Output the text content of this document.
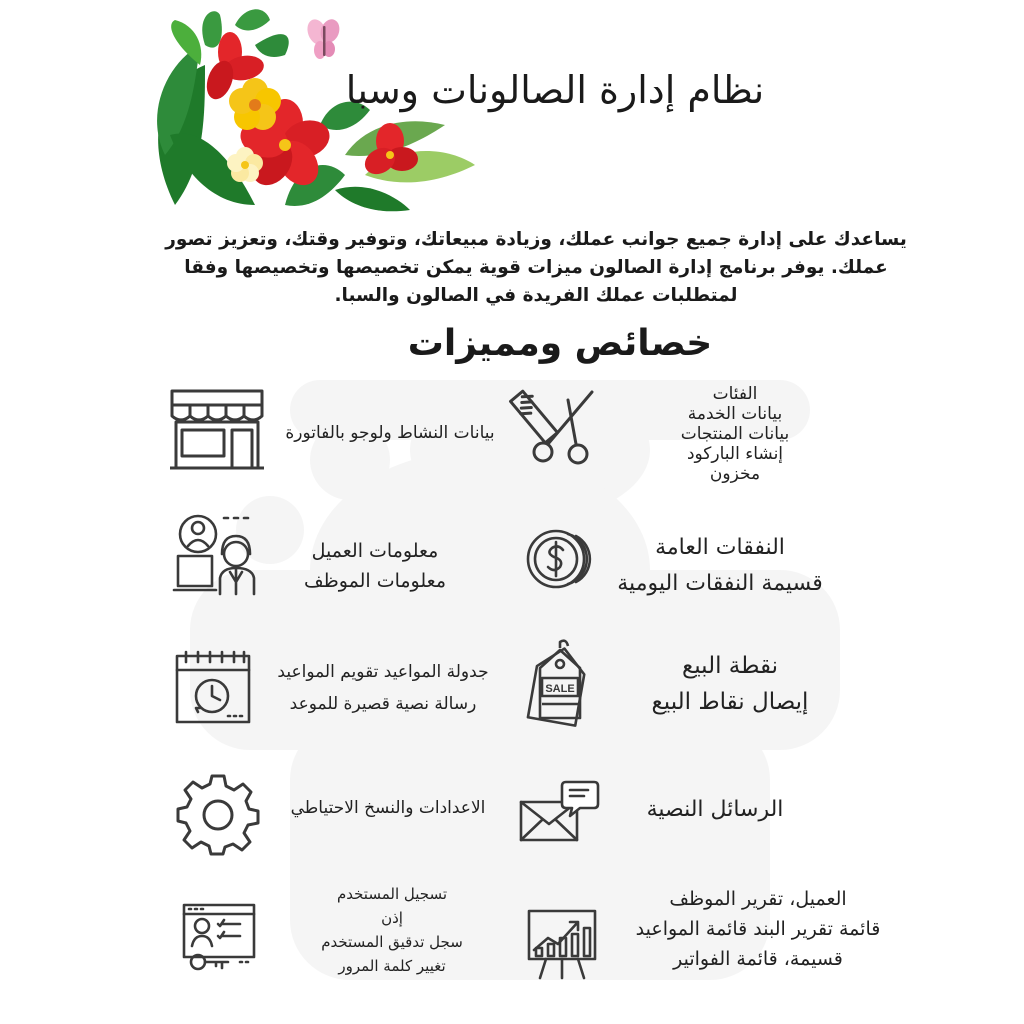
نظام إدارة الصالونات وسبا
يساعدك على إدارة جميع جوانب عملك، وزيادة مبيعاتك، وتوفير وقتك، وتعزيز تصور عملك. يوفر برنامج إدارة الصالون ميزات قوية يمكن تخصيصها وتخصيصها وفقا لمتطلبات عملك الفريدة في الصالون والسبا.
خصائص ومميزات
بيانات النشاط ولوجو بالفاتورة
الفئات
بيانات الخدمة
بيانات المنتجات
إنشاء الباركود
مخزون
معلومات العميل
معلومات الموظف
النفقات العامة
قسيمة النفقات اليومية
جدولة المواعيد تقويم المواعيد
رسالة نصية قصيرة للموعد
SALE
نقطة البيع
إيصال نقاط البيع
الاعدادات والنسخ الاحتياطي	الرسائل النصية
تسجيل المستخدم
إذن
سجل تدقيق المستخدم
تغيير كلمة المرور
العميل، تقرير الموظف
قائمة تقرير البند قائمة المواعيد
قسيمة، قائمة الفواتير
